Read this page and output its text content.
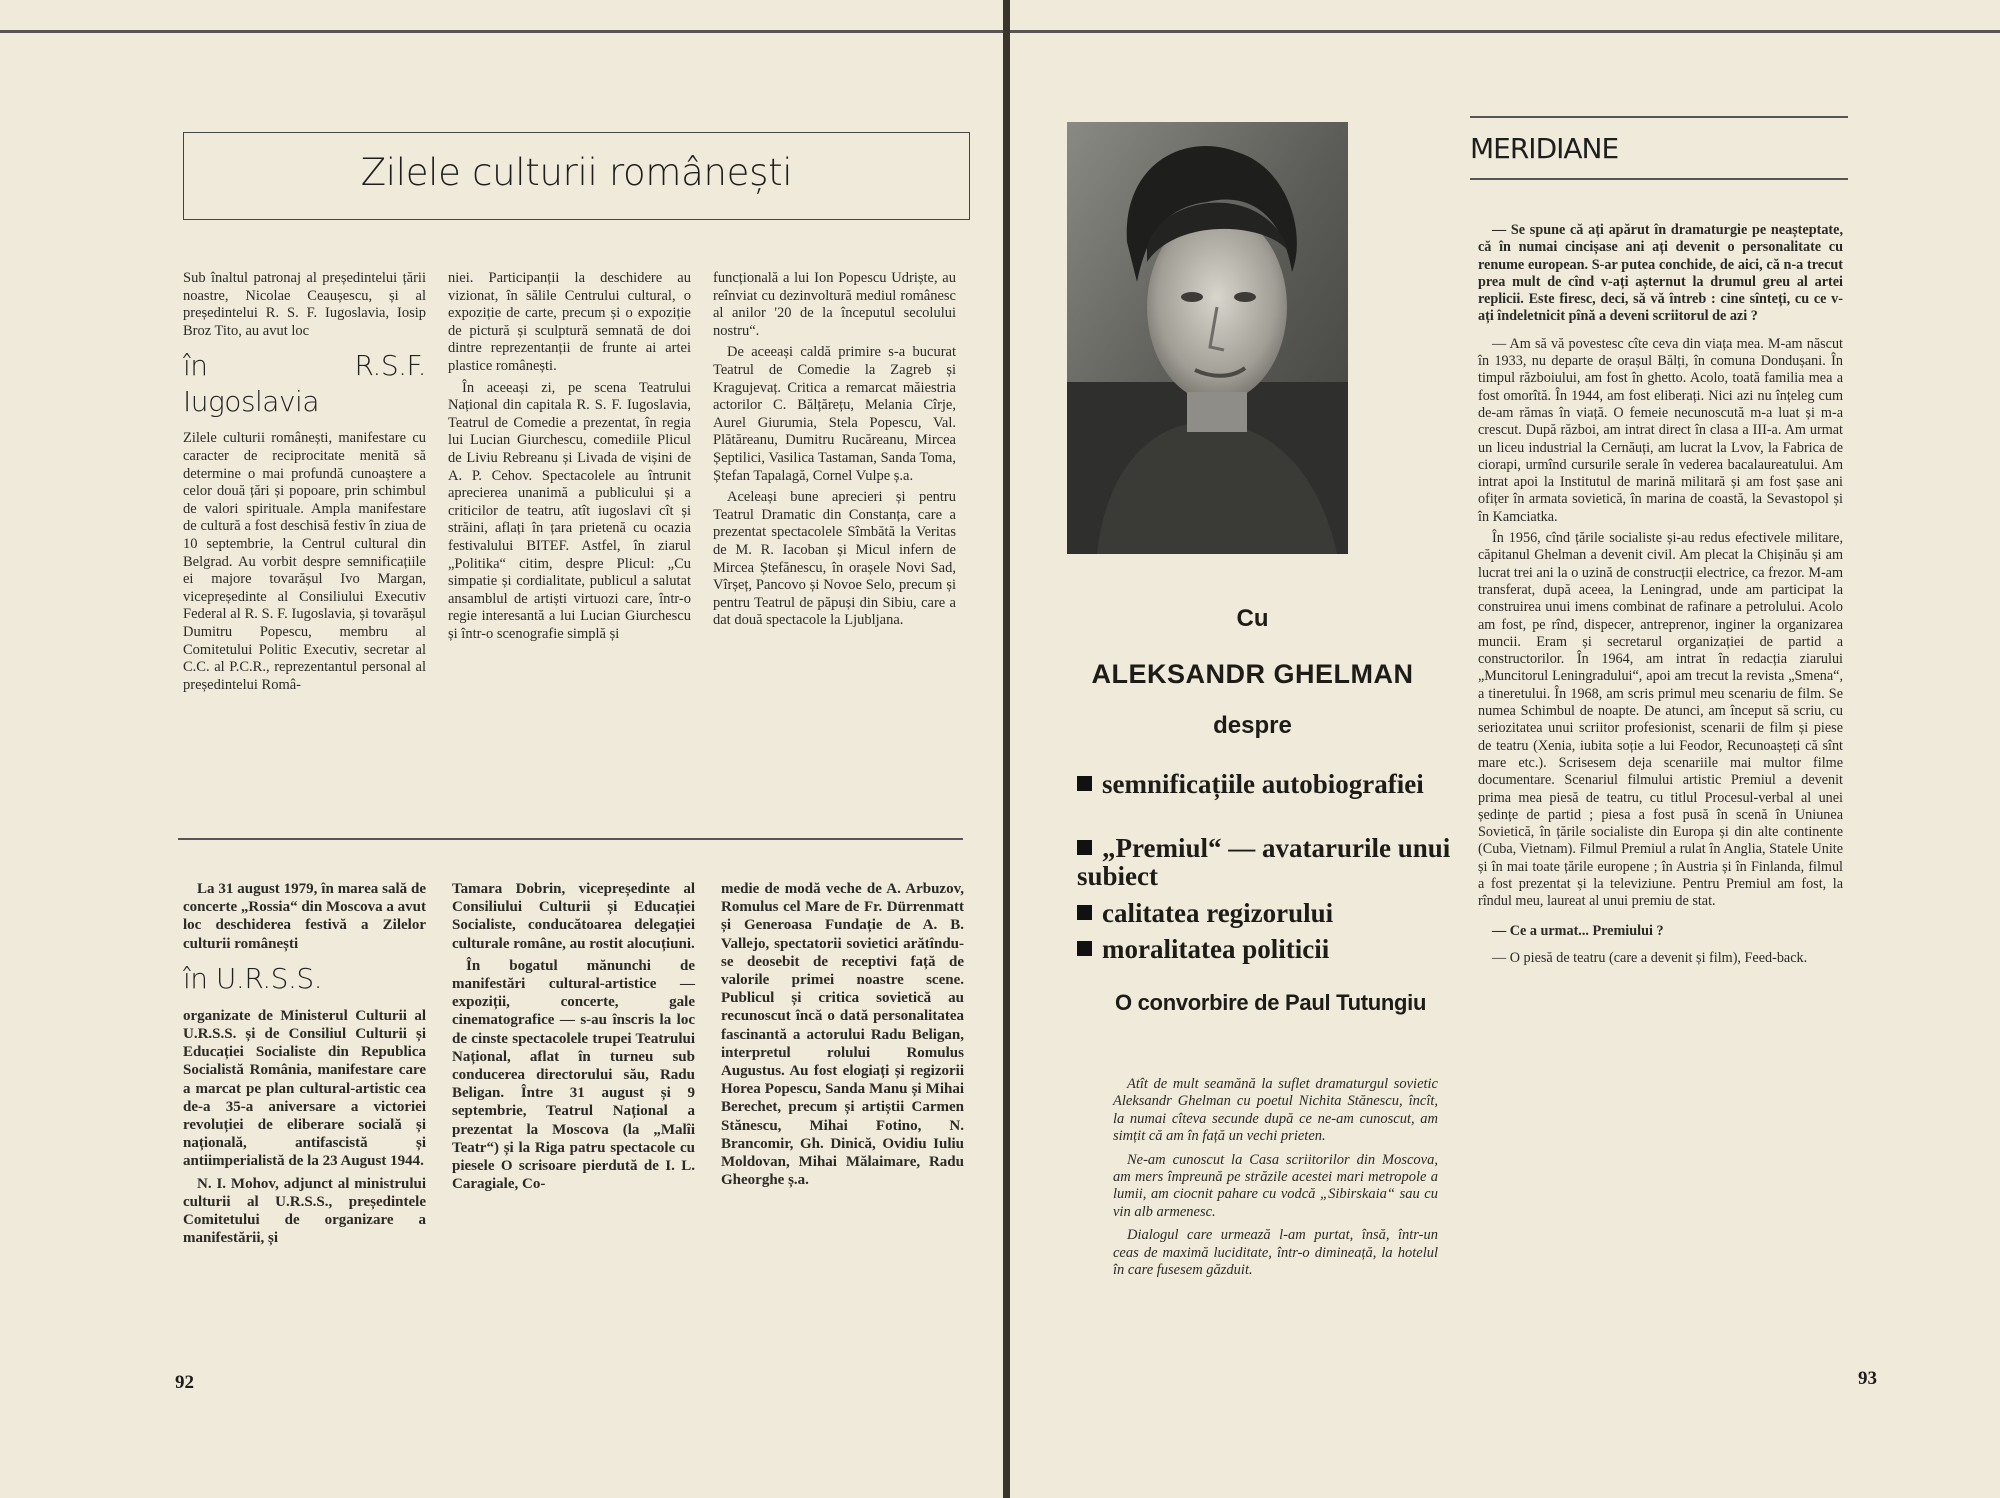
Zilele culturii românești

Sub înaltul patronaj al președintelui țării noastre, Nicolae Ceaușescu, și al președintelui R. S. F. Iugoslavia, Iosip Broz Tito, au avut loc

în R.S.F. Iugoslavia

Zilele culturii românești, manifestare cu caracter de reciprocitate menită să determine o mai profundă cunoaștere a celor două țări și popoare, prin schimbul de valori spirituale. Ampla manifestare de cultură a fost deschisă festiv în ziua de 10 septembrie, la Centrul cultural din Belgrad. Au vorbit despre semnificațiile ei majore tovarășul Ivo Margan, vicepreședinte al Consiliului Executiv Federal al R. S. F. Iugoslavia, și tovarășul Dumitru Popescu, membru al Comitetului Politic Executiv, secretar al C.C. al P.C.R., reprezentantul personal al președintelui Româ-

niei. Participanții la deschidere au vizionat, în sălile Centrului cultural, o expoziție de carte, precum și o expoziție de pictură și sculptură semnată de doi dintre reprezentanții de frunte ai artei plastice românești.

În aceeași zi, pe scena Teatrului Național din capitala R. S. F. Iugoslavia, Teatrul de Comedie a prezentat, în regia lui Lucian Giurchescu, comediile Plicul de Liviu Rebreanu și Livada de vișini de A. P. Cehov. Spectacolele au întrunit aprecierea unanimă a publicului și a criticilor de teatru, atît iugoslavi cît și străini, aflați în țara prietenă cu ocazia festivalului BITEF. Astfel, în ziarul „Politika“ citim, despre Plicul: „Cu simpatie și cordialitate, publicul a salutat ansamblul de artiști virtuozi care, într-o regie interesantă a lui Lucian Giurchescu și într-o scenografie simplă și

funcțională a lui Ion Popescu Udriște, au reînviat cu dezinvoltură mediul românesc al anilor '20 de la începutul secolului nostru“.

De aceeași caldă primire s-a bucurat Teatrul de Comedie la Zagreb și Kragujevaț. Critica a remarcat măiestria actorilor C. Bălțărețu, Melania Cîrje, Aurel Giurumia, Stela Popescu, Val. Plătăreanu, Dumitru Rucăreanu, Mircea Șeptilici, Vasilica Tastaman, Sanda Toma, Ștefan Tapalagă, Cornel Vulpe ș.a.

Aceleași bune aprecieri și pentru Teatrul Dramatic din Constanța, care a prezentat spectacolele Sîmbătă la Veritas de M. R. Iacoban și Micul infern de Mircea Ștefănescu, în orașele Novi Sad, Vîrșeț, Pancovo și Novoe Selo, precum și pentru Teatrul de păpuși din Sibiu, care a dat două spectacole la Ljubljana.

La 31 august 1979, în marea sală de concerte „Rossia“ din Moscova a avut loc deschiderea festivă a Zilelor culturii românești

în U.R.S.S.

organizate de Ministerul Culturii al U.R.S.S. și de Consiliul Culturii și Educației Socialiste din Republica Socialistă România, manifestare care a marcat pe plan cultural-artistic cea de-a 35-a aniversare a victoriei revoluției de eliberare socială și națională, antifascistă și antiimperialistă de la 23 August 1944.

N. I. Mohov, adjunct al ministrului culturii al U.R.S.S., președintele Comitetului de organizare a manifestării, și

Tamara Dobrin, vicepreședinte al Consiliului Culturii și Educației Socialiste, conducătoarea delegației culturale române, au rostit alocuțiuni.

În bogatul mănunchi de manifestări cultural-artistice — expoziții, concerte, gale cinematografice — s-au înscris la loc de cinste spectacolele trupei Teatrului Național, aflat în turneu sub conducerea directorului său, Radu Beligan. Între 31 august și 9 septembrie, Teatrul Național a prezentat la Moscova (la „Malîi Teatr“) și la Riga patru spectacole cu piesele O scrisoare pierdută de I. L. Caragiale, Co-

medie de modă veche de A. Arbuzov, Romulus cel Mare de Fr. Dürrenmatt și Generoasa Fundație de A. B. Vallejo, spectatorii sovietici arătîndu-se deosebit de receptivi față de valorile primei noastre scene. Publicul și critica sovietică au recunoscut încă o dată personalitatea fascinantă a actorului Radu Beligan, interpretul rolului Romulus Augustus. Au fost elogiați și regizorii Horea Popescu, Sanda Manu și Mihai Berechet, precum și artiștii Carmen Stănescu, Mihai Fotino, N. Brancomir, Gh. Dinică, Ovidiu Iuliu Moldovan, Mihai Mălaimare, Radu Gheorghe ș.a.

92
MERIDIANE
Cu
ALEKSANDR GHELMAN
despre
semnificațiile autobiografiei
„Premiul“ — avatarurile unui subiect
calitatea regizorului
moralitatea politicii
O convorbire de Paul Tutungiu

Atît de mult seamănă la suflet dramaturgul sovietic Aleksandr Ghelman cu poetul Nichita Stănescu, încît, la numai cîteva secunde după ce ne-am cunoscut, am simțit că am în față un vechi prieten.

Ne-am cunoscut la Casa scriitorilor din Moscova, am mers împreună pe străzile acestei mari metropole a lumii, am ciocnit pahare cu vodcă „Sibirskaia“ sau cu vin alb armenesc.

Dialogul care urmează l-am purtat, însă, într-un ceas de maximă luciditate, într-o dimineață, la hotelul în care fusesem găzduit.

— Se spune că ați apărut în dramaturgie pe neașteptate, că în numai cincișase ani ați devenit o personalitate cu renume european. S-ar putea conchide, de aici, că n-a trecut prea mult de cînd v-ați așternut la drumul greu al artei replicii. Este firesc, deci, să vă întreb : cine sînteți, cu ce v-ați îndeletnicit pînă a deveni scriitorul de azi ?

— Am să vă povestesc cîte ceva din viața mea. M-am născut în 1933, nu departe de orașul Bălți, în comuna Dondușani. În timpul războiului, am fost în ghetto. Acolo, toată familia mea a fost omorîtă. În 1944, am fost eliberați. Nici azi nu înțeleg cum de-am rămas în viață. O femeie necunoscută m-a luat și m-a crescut. După război, am intrat direct în clasa a III-a. Am urmat un liceu industrial la Cernăuți, am lucrat la Lvov, la Fabrica de ciorapi, urmînd cursurile serale în vederea bacalaureatului. Am intrat apoi la Institutul de marină militară și am fost șase ani ofițer în armata sovietică, în marina de coastă, la Sevastopol și în Kamciatka.

În 1956, cînd țările socialiste și-au redus efectivele militare, căpitanul Ghelman a devenit civil. Am plecat la Chișinău și am lucrat trei ani la o uzină de construcții electrice, ca frezor. M-am transferat, după aceea, la Leningrad, unde am participat la construirea unui imens combinat de rafinare a petrolului. Acolo am fost, pe rînd, dispecer, antreprenor, inginer la organizarea muncii. Eram și secretarul organizației de partid a constructorilor. În 1964, am intrat în redacția ziarului „Muncitorul Leningradului“, apoi am trecut la revista „Smena“, a tineretului. În 1968, am scris primul meu scenariu de film. Se numea Schimbul de noapte. De atunci, am început să scriu, cu seriozitatea unui scriitor profesionist, scenarii de film și piese de teatru (Xenia, iubita soție a lui Feodor, Recunoașteți că sînt mare etc.). Scrisesem deja scenariile mai multor filme documentare. Scenariul filmului artistic Premiul a devenit prima mea piesă de teatru, cu titlul Procesul-verbal al unei ședințe de partid ; piesa a fost pusă în scenă în Uniunea Sovietică, în țările socialiste din Europa și din alte continente (Cuba, Vietnam). Filmul Premiul a rulat în Anglia, Statele Unite și în mai toate țările europene ; în Austria și în Finlanda, filmul a fost prezentat și la televiziune. Pentru Premiul am fost, la rîndul meu, laureat al unui premiu de stat.

— Ce a urmat... Premiului ?

— O piesă de teatru (care a devenit și film), Feed-back.

93
